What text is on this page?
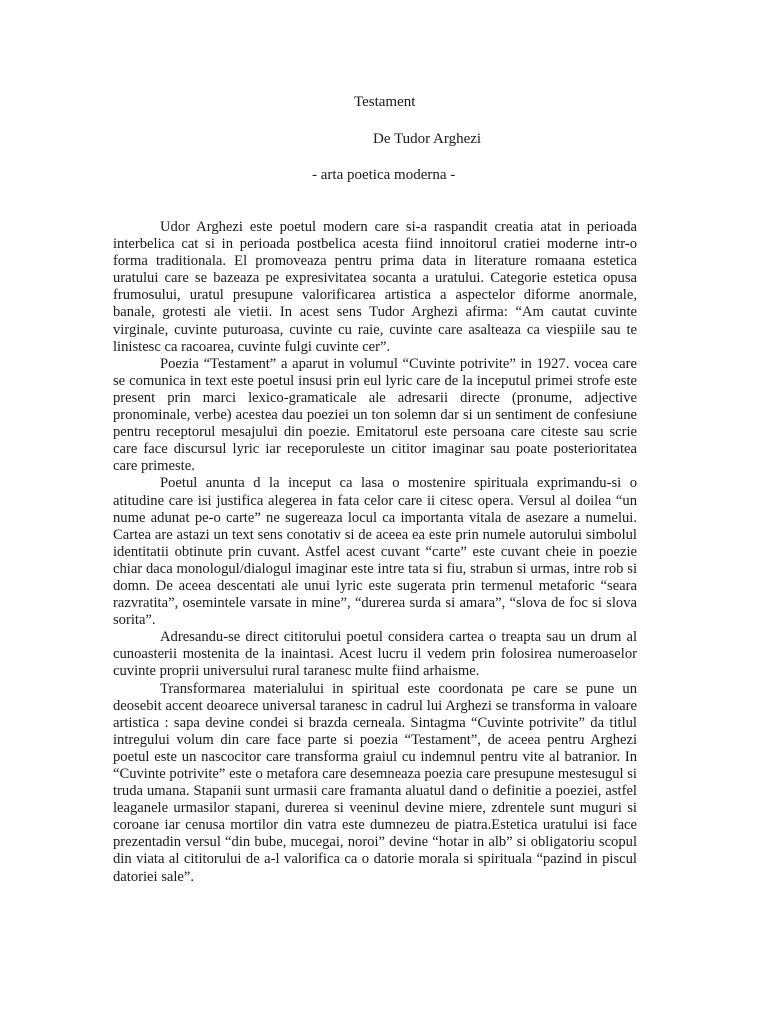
Testament
De Tudor Arghezi
- arta poetica moderna -

Udor Arghezi este poetul modern care si-a raspandit creatia atat in perioada interbelica cat si in perioada postbelica acesta fiind innoitorul cratiei moderne intr-o forma traditionala. El promoveaza pentru prima data in literature romaana estetica uratului care se bazeaza pe expresivitatea socanta a uratului. Categorie estetica opusa frumosului, uratul presupune valorificarea artistica a aspectelor diforme anormale, banale, grotesti ale vietii. In acest sens Tudor Arghezi afirma: “Am cautat cuvinte virginale, cuvinte puturoasa, cuvinte cu raie, cuvinte care asalteaza ca viespiile sau te linistesc ca racoarea, cuvinte fulgi cuvinte cer”.

Poezia “Testament” a aparut in volumul “Cuvinte potrivite” in 1927. vocea care se comunica in text este poetul insusi prin eul lyric care de la inceputul primei strofe este present prin marci lexico-gramaticale ale adresarii directe (pronume, adjective pronominale, verbe) acestea dau poeziei un ton solemn dar si un sentiment de confesiune pentru receptorul mesajului din poezie. Emitatorul este persoana care citeste sau scrie care face discursul lyric iar receporuleste un cititor imaginar sau poate posterioritatea care primeste.

Poetul anunta d la inceput ca lasa o mostenire spirituala exprimandu-si o atitudine care isi justifica alegerea in fata celor care ii citesc opera. Versul al doilea “un nume adunat pe-o carte” ne sugereaza locul ca importanta vitala de asezare a numelui. Cartea are astazi un text sens conotativ si de aceea ea este prin numele autorului simbolul identitatii obtinute prin cuvant. Astfel acest cuvant “carte” este cuvant cheie in poezie chiar daca monologul/dialogul imaginar este intre tata si fiu, strabun si urmas, intre rob si domn. De aceea descentati ale unui lyric este sugerata prin termenul metaforic “seara razvratita”, osemintele varsate in mine”, “durerea surda si amara”, “slova de foc si slova sorita”.

Adresandu-se direct cititorului poetul considera cartea o treapta sau un drum al cunoasterii mostenita de la inaintasi. Acest lucru il vedem prin folosirea numeroaselor cuvinte proprii universului rural taranesc multe fiind arhaisme.

Transformarea materialului in spiritual este coordonata pe care se pune un deosebit accent deoarece universal taranesc in cadrul lui Arghezi se transforma in valoare artistica : sapa devine condei si brazda cerneala. Sintagma “Cuvinte potrivite” da titlul intregului volum din care face parte si poezia “Testament”, de aceea pentru Arghezi poetul este un nascocitor care transforma graiul cu indemnul pentru vite al batranior. In “Cuvinte potrivite” este o metafora care desemneaza poezia care presupune mestesugul si truda umana. Stapanii sunt urmasii care framanta aluatul dand o definitie a poeziei, astfel leaganele urmasilor stapani, durerea si veeninul devine miere, zdrentele sunt muguri si coroane iar cenusa mortilor din vatra este dumnezeu de piatra.Estetica uratului isi face prezentadin versul “din bube, mucegai, noroi” devine “hotar in alb” si obligatoriu scopul din viata al cititorului de a-l valorifica ca o datorie morala si spirituala “pazind in piscul datoriei sale”.
